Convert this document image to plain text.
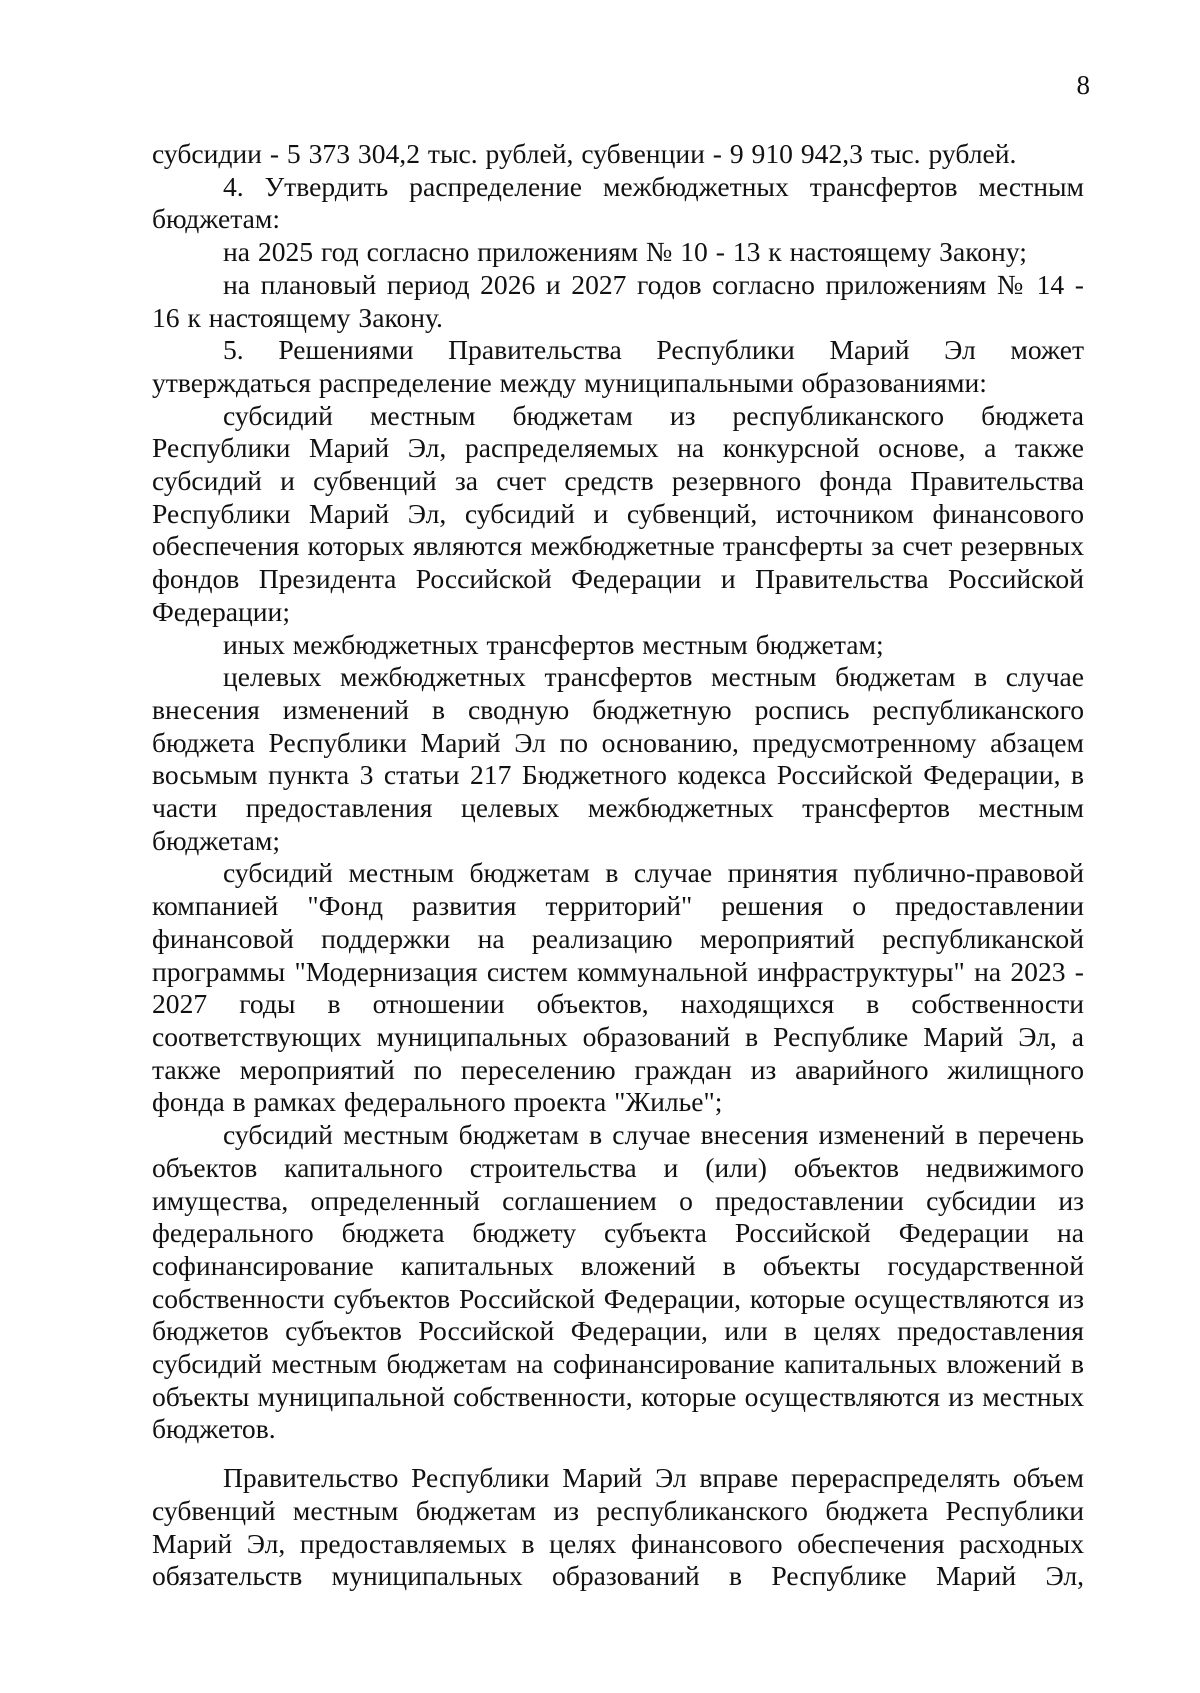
8

субсидии - 5 373 304,2 тыс. рублей, субвенции - 9 910 942,3 тыс. рублей.

4. Утвердить распределение межбюджетных трансфертов местным бюджетам:

на 2025 год согласно приложениям № 10 - 13 к настоящему Закону;

на плановый период 2026 и 2027 годов согласно приложениям № 14 - 16 к настоящему Закону.

5. Решениями Правительства Республики Марий Эл может утверждаться распределение между муниципальными образованиями:

субсидий местным бюджетам из республиканского бюджета Республики Марий Эл, распределяемых на конкурсной основе, а также субсидий и субвенций за счет средств резервного фонда Правительства Республики Марий Эл, субсидий и субвенций, источником финансового обеспечения которых являются межбюджетные трансферты за счет резервных фондов Президента Российской Федерации и Правительства Российской Федерации;

иных межбюджетных трансфертов местным бюджетам;

целевых межбюджетных трансфертов местным бюджетам в случае внесения изменений в сводную бюджетную роспись республиканского бюджета Республики Марий Эл по основанию, предусмотренному абзацем восьмым пункта 3 статьи 217 Бюджетного кодекса Российской Федерации, в части предоставления целевых межбюджетных трансфертов местным бюджетам;

субсидий местным бюджетам в случае принятия публично-правовой компанией "Фонд развития территорий" решения о предоставлении финансовой поддержки на реализацию мероприятий республиканской программы "Модернизация систем коммунальной инфраструктуры" на 2023 - 2027 годы в отношении объектов, находящихся в собственности соответствующих муниципальных образований в Республике Марий Эл, а также мероприятий по переселению граждан из аварийного жилищного фонда в рамках федерального проекта "Жилье";

субсидий местным бюджетам в случае внесения изменений в перечень объектов капитального строительства и (или) объектов недвижимого имущества, определенный соглашением о предоставлении субсидии из федерального бюджета бюджету субъекта Российской Федерации на софинансирование капитальных вложений в объекты государственной собственности субъектов Российской Федерации, которые осуществляются из бюджетов субъектов Российской Федерации, или в целях предоставления субсидий местным бюджетам на софинансирование капитальных вложений в объекты муниципальной собственности, которые осуществляются из местных бюджетов.

Правительство Республики Марий Эл вправе перераспределять объем субвенций местным бюджетам из республиканского бюджета Республики Марий Эл, предоставляемых в целях финансового обеспечения расходных обязательств муниципальных образований в Республике Марий Эл,
